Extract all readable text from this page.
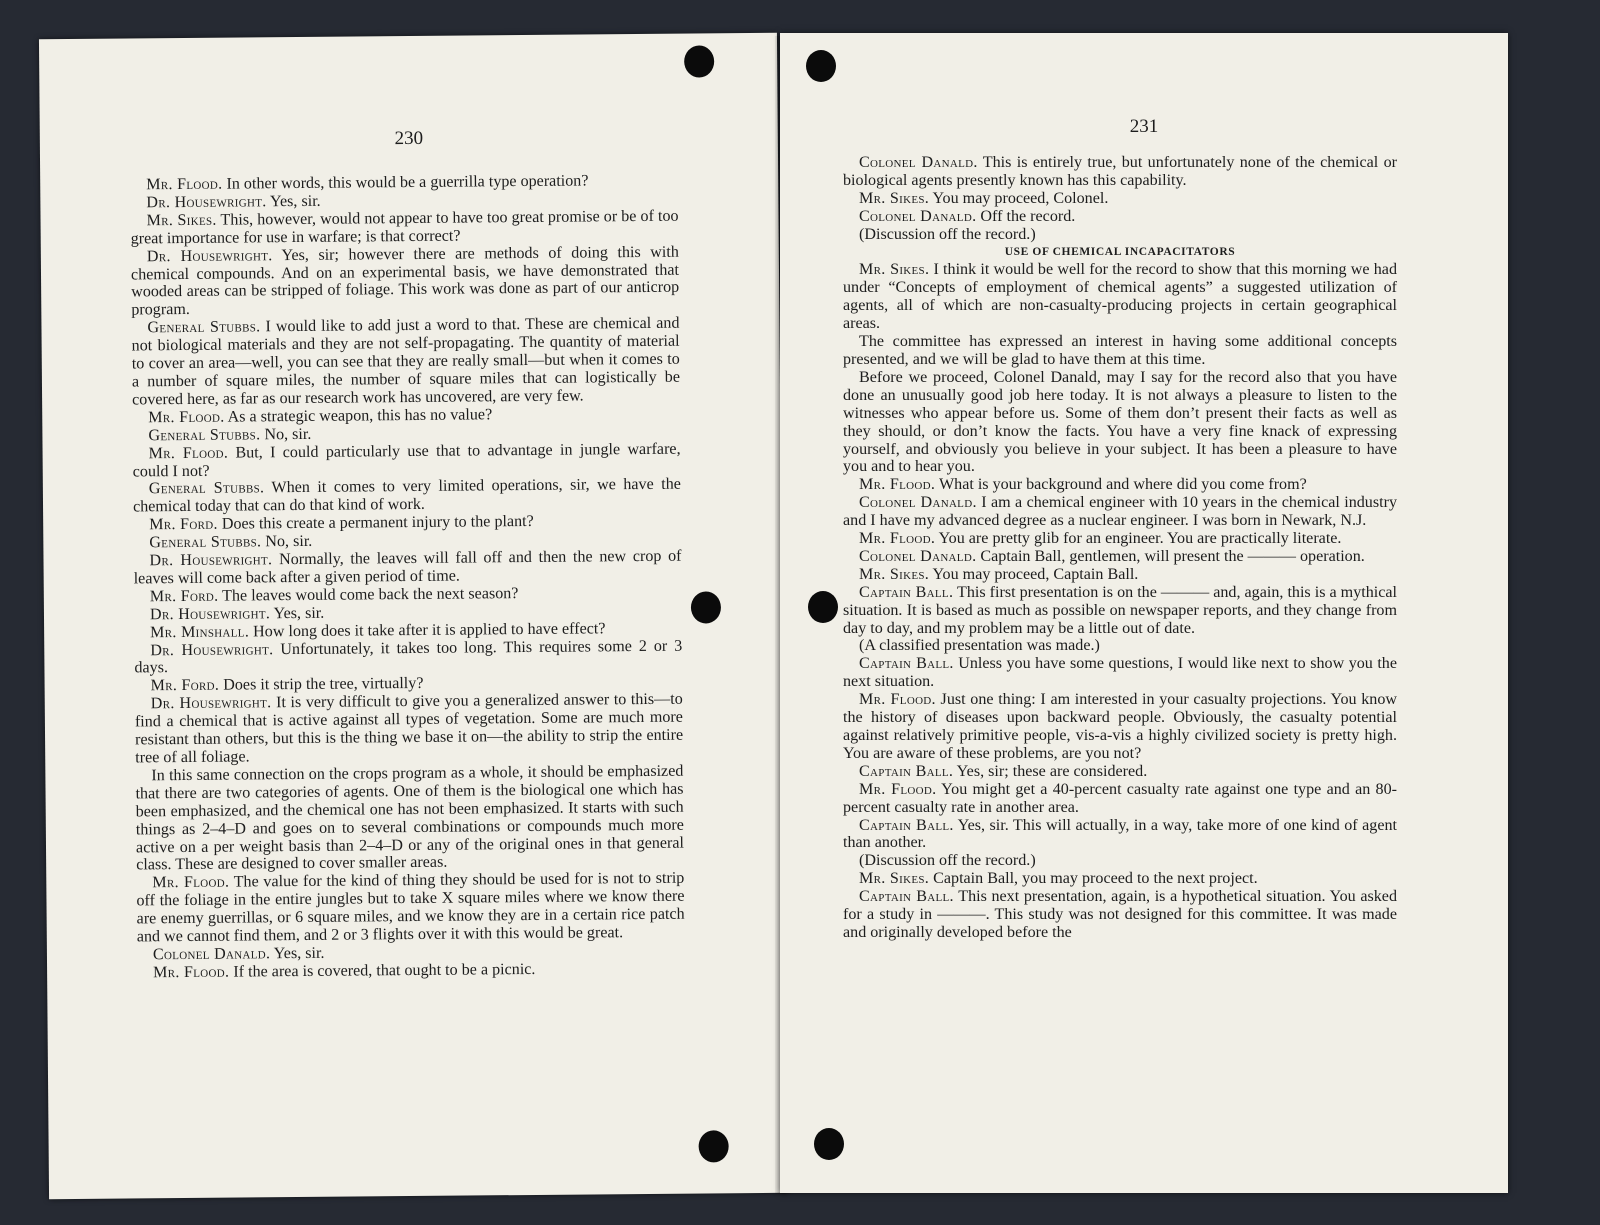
230

Mr. Flood. In other words, this would be a guerrilla type operation?

Dr. Housewright. Yes, sir.

Mr. Sikes. This, however, would not appear to have too great promise or be of too great importance for use in warfare; is that correct?

Dr. Housewright. Yes, sir; however there are methods of doing this with chemical compounds. And on an experimental basis, we have demonstrated that wooded areas can be stripped of foliage. This work was done as part of our anticrop program.

General Stubbs. I would like to add just a word to that. These are chemical and not biological materials and they are not self-propagating. The quantity of material to cover an area—well, you can see that they are really small—but when it comes to a number of square miles, the number of square miles that can logistically be covered here, as far as our research work has uncovered, are very few.

Mr. Flood. As a strategic weapon, this has no value?

General Stubbs. No, sir.

Mr. Flood. But, I could particularly use that to advantage in jungle warfare, could I not?

General Stubbs. When it comes to very limited operations, sir, we have the chemical today that can do that kind of work.

Mr. Ford. Does this create a permanent injury to the plant?

General Stubbs. No, sir.

Dr. Housewright. Normally, the leaves will fall off and then the new crop of leaves will come back after a given period of time.

Mr. Ford. The leaves would come back the next season?

Dr. Housewright. Yes, sir.

Mr. Minshall. How long does it take after it is applied to have effect?

Dr. Housewright. Unfortunately, it takes too long. This requires some 2 or 3 days.

Mr. Ford. Does it strip the tree, virtually?

Dr. Housewright. It is very difficult to give you a generalized answer to this—to find a chemical that is active against all types of vegetation. Some are much more resistant than others, but this is the thing we base it on—the ability to strip the entire tree of all foliage.

In this same connection on the crops program as a whole, it should be emphasized that there are two categories of agents. One of them is the biological one which has been emphasized, and the chemical one has not been emphasized. It starts with such things as 2–4–D and goes on to several combinations or compounds much more active on a per weight basis than 2–4–D or any of the original ones in that general class. These are designed to cover smaller areas.

Mr. Flood. The value for the kind of thing they should be used for is not to strip off the foliage in the entire jungles but to take X square miles where we know there are enemy guerrillas, or 6 square miles, and we know they are in a certain rice patch and we cannot find them, and 2 or 3 flights over it with this would be great.

Colonel Danald. Yes, sir.

Mr. Flood. If the area is covered, that ought to be a picnic.

231

Colonel Danald. This is entirely true, but unfortunately none of the chemical or biological agents presently known has this capability.

Mr. Sikes. You may proceed, Colonel.

Colonel Danald. Off the record.

(Discussion off the record.)

USE OF CHEMICAL INCAPACITATORS

Mr. Sikes. I think it would be well for the record to show that this morning we had under “Concepts of employment of chemical agents” a suggested utilization of agents, all of which are non-casualty-producing projects in certain geographical areas.

The committee has expressed an interest in having some additional concepts presented, and we will be glad to have them at this time.

Before we proceed, Colonel Danald, may I say for the record also that you have done an unusually good job here today. It is not always a pleasure to listen to the witnesses who appear before us. Some of them don’t present their facts as well as they should, or don’t know the facts. You have a very fine knack of expressing yourself, and obviously you believe in your subject. It has been a pleasure to have you and to hear you.

Mr. Flood. What is your background and where did you come from?

Colonel Danald. I am a chemical engineer with 10 years in the chemical industry and I have my advanced degree as a nuclear engineer. I was born in Newark, N.J.

Mr. Flood. You are pretty glib for an engineer. You are practically literate.

Colonel Danald. Captain Ball, gentlemen, will present the ——— operation.

Mr. Sikes. You may proceed, Captain Ball.

Captain Ball. This first presentation is on the ——— and, again, this is a mythical situation. It is based as much as possible on newspaper reports, and they change from day to day, and my problem may be a little out of date.

(A classified presentation was made.)

Captain Ball. Unless you have some questions, I would like next to show you the next situation.

Mr. Flood. Just one thing: I am interested in your casualty projections. You know the history of diseases upon backward people. Obviously, the casualty potential against relatively primitive people, vis-a-vis a highly civilized society is pretty high. You are aware of these problems, are you not?

Captain Ball. Yes, sir; these are considered.

Mr. Flood. You might get a 40-percent casualty rate against one type and an 80-percent casualty rate in another area.

Captain Ball. Yes, sir. This will actually, in a way, take more of one kind of agent than another.

(Discussion off the record.)

Mr. Sikes. Captain Ball, you may proceed to the next project.

Captain Ball. This next presentation, again, is a hypothetical situation. You asked for a study in ———. This study was not designed for this committee. It was made and originally developed before the
